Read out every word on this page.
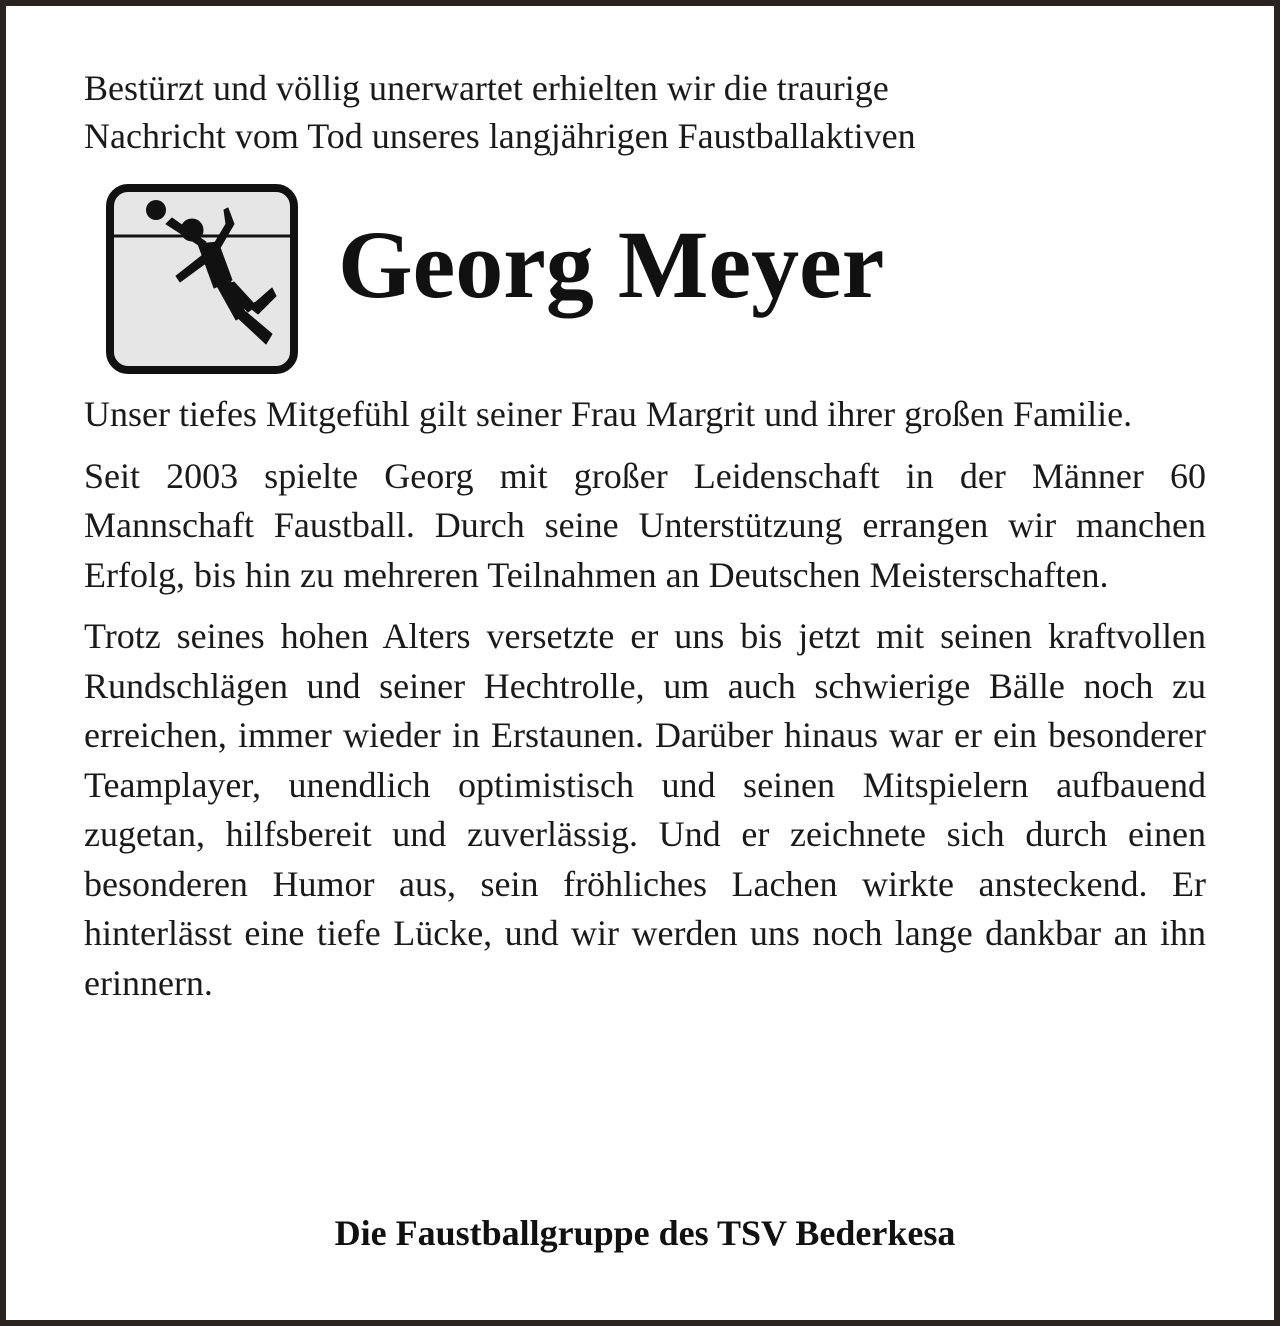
Bestürzt und völlig unerwartet erhielten wir die traurige
Nachricht vom Tod unseres langjährigen Faustballaktiven

Georg Meyer

Unser tiefes Mitgefühl gilt seiner Frau Margrit und ihrer großen Familie.

Seit 2003 spielte Georg mit großer Leidenschaft in der Männer 60 Mannschaft Faustball. Durch seine Unterstützung errangen wir manchen Erfolg, bis hin zu mehreren Teilnahmen an Deutschen Meisterschaften.

Trotz seines hohen Alters versetzte er uns bis jetzt mit seinen kraftvollen Rundschlägen und seiner Hechtrolle, um auch schwierige Bälle noch zu erreichen, immer wieder in Erstaunen. Darüber hinaus war er ein besonderer Teamplayer, unendlich optimistisch und seinen Mitspielern aufbauend zugetan, hilfsbereit und zuverlässig. Und er zeichnete sich durch einen besonderen Humor aus, sein fröhliches Lachen wirkte ansteckend. Er hinterlässt eine tiefe Lücke, und wir werden uns noch lange dankbar an ihn erinnern.

Die Faustballgruppe des TSV Bederkesa
